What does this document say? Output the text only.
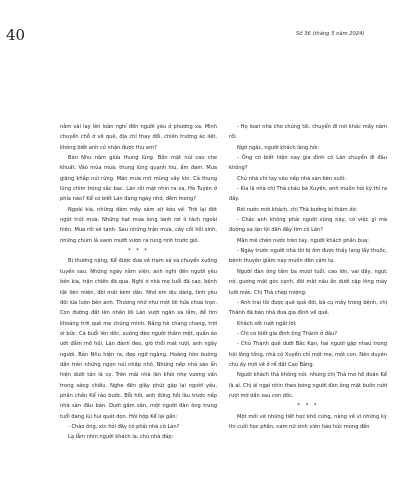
40	Số 36 (tháng 5 năm 2024)

nằm vài lay lên loàn nghỉ đến người yêu ở phương xa. Mình chuyển chỗ ở về quê, địa chỉ thay đổi, chiến trường ác liệt, không biết anh có nhận được thư em?

Bản Nhu nằm giữa thung lũng. Bốn mặt núi cao che khuất. Vào mùa mưa, thung lũng quạnh hiu, ẩm đạm. Mưa giăng khắp núi rừng. Màn mưa mịt mùng vây kín. Cả thung lũng chìm trong sắc bạc. Lán rồi mặt nhìn ra xa, Hà Tuyên ở phía nào? Kể có biết Lán đang ngày nhớ, đêm mong?

Ngoài kia, những đám mây sám xịt kéo về. Trời lại đột ngột trút mưa. Những hạt mưa long lanh rơi lí tách ngoài hiên. Mưa rồi sẽ tạnh. Sau những trận mưa, cây cối hồi sinh, những chùm lá xanh mướt vươn ra rung rinh trước gió.

* * *

Bị thương nặng, Kể được đưa về trạm xá và chuyển xuống tuyến sau. Những ngày nằm viện, anh nghĩ đến người yêu bên kia, trận chiến đã qua. Nghĩ ở nhà mẹ tuổi đã cao, bệnh tật liên miên, đôi mắt kém dần. Nhớ em dịu dàng, tình yêu đôi lứa luôn bên anh. Thương nhớ như một lời hứa chưa trọn. Con đường đất lên nhấn lối Lán vượt ngàn xa lắm, để tìm khoảng trời quê mẹ chúng mình. Nắng hè chang chang, trời oi bức. Cả buổi lên dốc, xuống đèo người thấm mệt, quần áo ướt đẫm mồ hôi. Lán đành đeo, gió thổi mát rượi, anh ngây người. Bản Nhu hiện ra, đẹp ngỡ ngàng. Hoàng hôn buông dần trên những ngọn núi nhấp nhô. Những nếp nhà sàn ẩn hiện dưới tán lá cọ. Trên mái nhà lãn khói nhẹ vương vấn trong sáng chiều. Nghe đến giây phút gặp lại người yêu, phân chấn Kể rảo bước. Bỗi hồi, anh đứng hồi lâu trước nếp nhà sàn đầu bản. Dưới gầm sàn, một người đàn ông trung tuổi đang lúi hui quét dọn. Hỏi hộp Kể lại gần:

- Chào ông, xin hỏi đây có phải nhà cô Lán?

Lạ lẫm nhìn người khách lạ, chủ nhà đáp:

- Họ loan nhà cho chúng tôi, chuyển đi nơi khác mấy năm rồi.

Ngơ ngác, người khách lặng hỏi:

- Ông có biết hiện nay gia đình cô Lán chuyển đi đâu không?

Chủ nhà chỉ tay vào nếp nhà sàn bên suối:

- Kìa là nhà chị Thà cháu bà Xuyến, anh muốn hỏi kỹ thì ra đấy.

Rời nước mời khách, chị Thà bưởng bỉ thăm dò:

- Chắc anh không phải người vùng này, có việc gì mà đường xa lặn lội đến đây tìm cô Lán?

Mân mê chén nước trên tay, người khách phân bua:

- Ngày trước người nhà tôi bị ốm được thầy lang lấy thuốc, bệnh thuyên giảm nay muốn đến cảm tạ.

Người đàn ông tầm ba mươi tuổi, cao lớn, vai đầy, ngực nở, gương mặt góc cạnh, đôi mắt nâu ấn dưới cặp lông mày lưỡi mác. Chị Thà chép miệng:

- Anh trai tôi được quê quả đời, bà cụ mấy trong bệnh, chị Thành đã bán nhà đưa gia đình về quê.

Khách sốt ruột ngắt lời:

- Chị có biết gia đình ông Thành ở đâu?

- Chú Thành quê dưới Bắc Kạn, hai người gặp nhau trong hội lồng tồng, nhà cô Xuyến chỉ một mẹ, một con. Nên duyên chú ấy mới về ở rể đất Cao Bằng.

Người khách thả không nói, nhưng chị Thà mơ hồ đoán Kể là ai. Chị ái ngại nhìn theo bóng người đàn ông mặt buồn rười rượi mờ dần sau con dốc.

* * *

Một mối vẽ những tiết học khô cứng, nàng về vì những kỳ thi cuối học phần, nam nữ sinh viên háo hức mong đến
